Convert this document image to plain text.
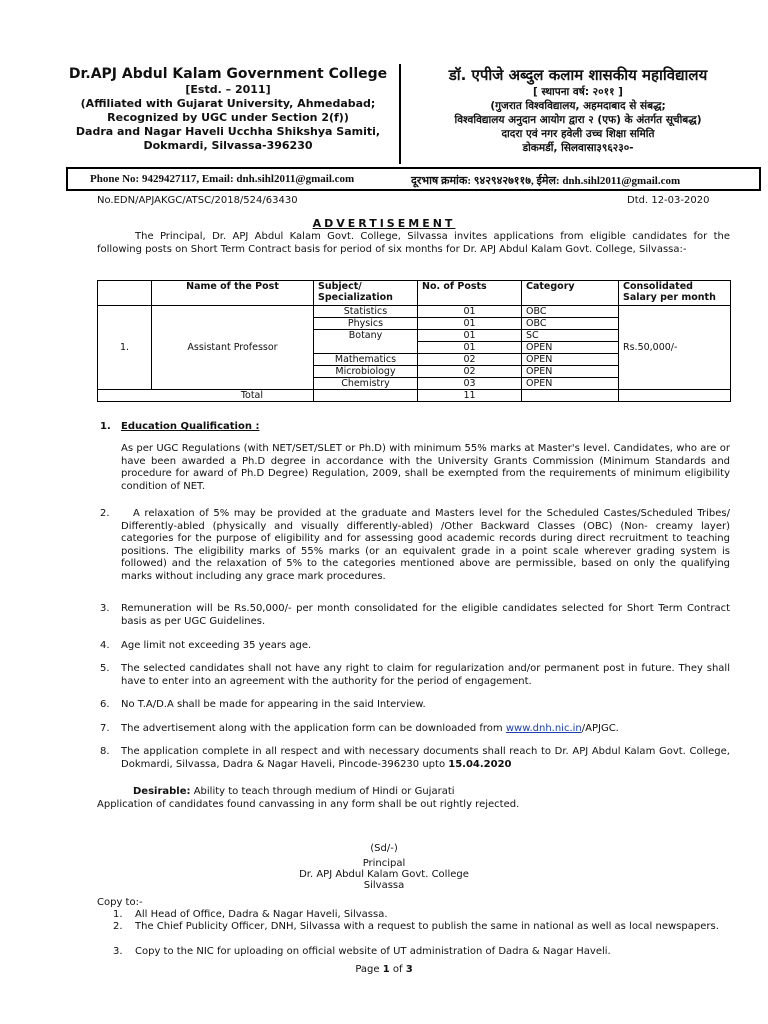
Dr.APJ Abdul Kalam Government College
[Estd. – 2011]
(Affiliated with Gujarat University, Ahmedabad;
Recognized by UGC under Section 2(f))
Dadra and Nagar Haveli Ucchha Shikshya Samiti,
Dokmardi, Silvassa-396230
डॉ. एपीजे अब्दुल कलाम शासकीय महाविद्यालय
[ स्थापना वर्ष: २०११ ]
(गुजरात विश्वविद्यालय, अहमदाबाद से संबद्ध;
विश्वविद्यालय अनुदान आयोग द्वारा २ (एफ) के अंतर्गत सूचीबद्ध)
दादरा एवं नगर हवेली उच्च शिक्षा समिति
डोकमर्डी, सिलवासा३९६२३०-
Phone No: 9429427117, Email: dnh.sihl2011@gmail.com	दूरभाष क्रमांक: ९४२९४२७११७, ईमेल: dnh.sihl2011@gmail.com
No.EDN/APJAKGC/ATSC/2018/524/63430	Dtd. 12-03-2020
ADVERTISEMENT
The Principal, Dr. APJ Abdul Kalam Govt. College, Silvassa invites applications from eligible candidates for the following posts on Short Term Contract basis for period of six months for Dr. APJ Abdul Kalam Govt. College, Silvassa:-
	Name of the Post	Subject/ Specialization	No. of Posts	Category	Consolidated Salary per month
1.	Assistant Professor	Statistics	01	OBC	Rs.50,000/-
		Physics	01	OBC	
		Botany	01	SC	
			01	OPEN	
		Mathematics	02	OPEN	
		Microbiology	02	OPEN	
		Chemistry	03	OPEN	
Total			11		
1. Education Qualification :
As per UGC Regulations (with NET/SET/SLET or Ph.D) with minimum 55% marks at Master's level. Candidates, who are or have been awarded a Ph.D degree in accordance with the University Grants Commission (Minimum Standards and procedure for award of Ph.D Degree) Regulation, 2009, shall be exempted from the requirements of minimum eligibility condition of NET.
2.	A relaxation of 5% may be provided at the graduate and Masters level for the Scheduled Castes/Scheduled Tribes/ Differently-abled (physically and visually differently-abled) /Other Backward Classes (OBC) (Non- creamy layer) categories for the purpose of eligibility and for assessing good academic records during direct recruitment to teaching positions. The eligibility marks of 55% marks (or an equivalent grade in a point scale wherever grading system is followed) and the relaxation of 5% to the categories mentioned above are permissible, based on only the qualifying marks without including any grace mark procedures.
3. Remuneration will be Rs.50,000/- per month consolidated for the eligible candidates selected for Short Term Contract basis as per UGC Guidelines.
4. Age limit not exceeding 35 years age.
5. The selected candidates shall not have any right to claim for regularization and/or permanent post in future. They shall have to enter into an agreement with the authority for the period of engagement.
6. No T.A/D.A shall be made for appearing in the said Interview.
7. The advertisement along with the application form can be downloaded from www.dnh.nic.in/APJGC.
8. The application complete in all respect and with necessary documents shall reach to Dr. APJ Abdul Kalam Govt. College, Dokmardi, Silvassa, Dadra & Nagar Haveli, Pincode-396230 upto 15.04.2020
Desirable: Ability to teach through medium of Hindi or Gujarati
Application of candidates found canvassing in any form shall be out rightly rejected.
(Sd/-)
Principal
Dr. APJ Abdul Kalam Govt. College
Silvassa
Copy to:-
1. All Head of Office, Dadra & Nagar Haveli, Silvassa.
2. The Chief Publicity Officer, DNH, Silvassa with a request to publish the same in national as well as local newspapers.
3. Copy to the NIC for uploading on official website of UT administration of Dadra & Nagar Haveli.
Page 1 of 3
